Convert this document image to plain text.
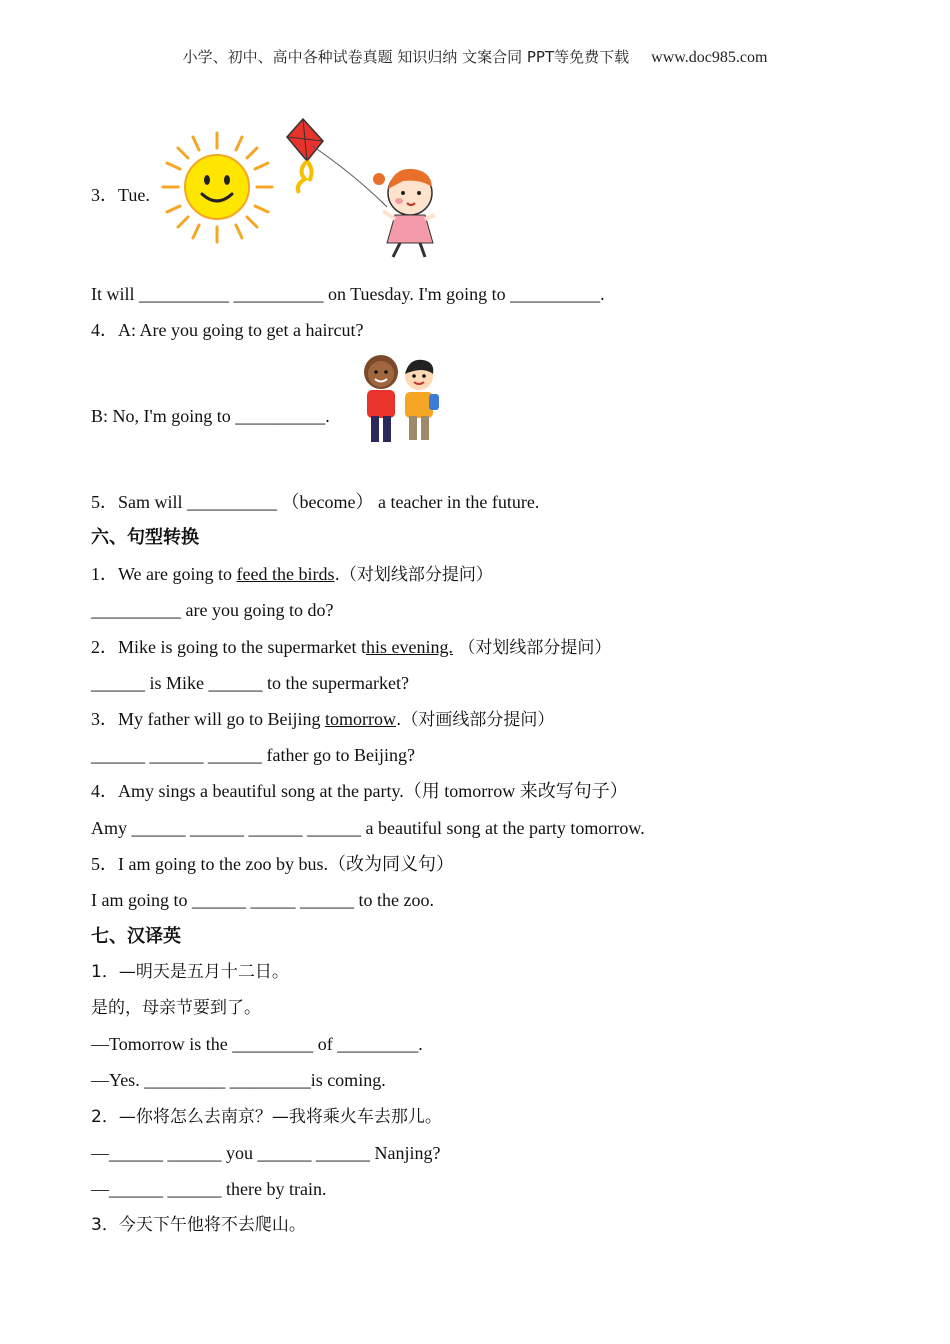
小学、初中、高中各种试卷真题 知识归纳 文案合同 PPT等免费下载 www.doc985.com
3．Tue.
It will __________ __________ on Tuesday. I'm going to __________.
4．A: Are you going to get a haircut?
B: No, I'm going to __________.
5．Sam will __________ （become） a teacher in the future.
六、句型转换
1．We are going to feed the birds.（对划线部分提问）
__________ are you going to do?
2．Mike is going to the supermarket this evening. （对划线部分提问）
______ is Mike ______ to the supermarket?
3．My father will go to Beijing tomorrow.（对画线部分提问）
______ ______ ______ father go to Beijing?
4．Amy sings a beautiful song at the party.（用 tomorrow 来改写句子）
Amy ______ ______ ______ ______ a beautiful song at the party tomorrow.
5．I am going to the zoo by bus.（改为同义句）
I am going to ______ _____ ______ to the zoo.
七、汉译英
1．—明天是五月十二日。
是的，母亲节要到了。
—Tomorrow is the _________ of _________.
—Yes. _________ _________is coming.
2．—你将怎么去南京？—我将乘火车去那儿。
—______ ______ you ______ ______ Nanjing?
—______ ______ there by train.
3．今天下午他将不去爬山。
